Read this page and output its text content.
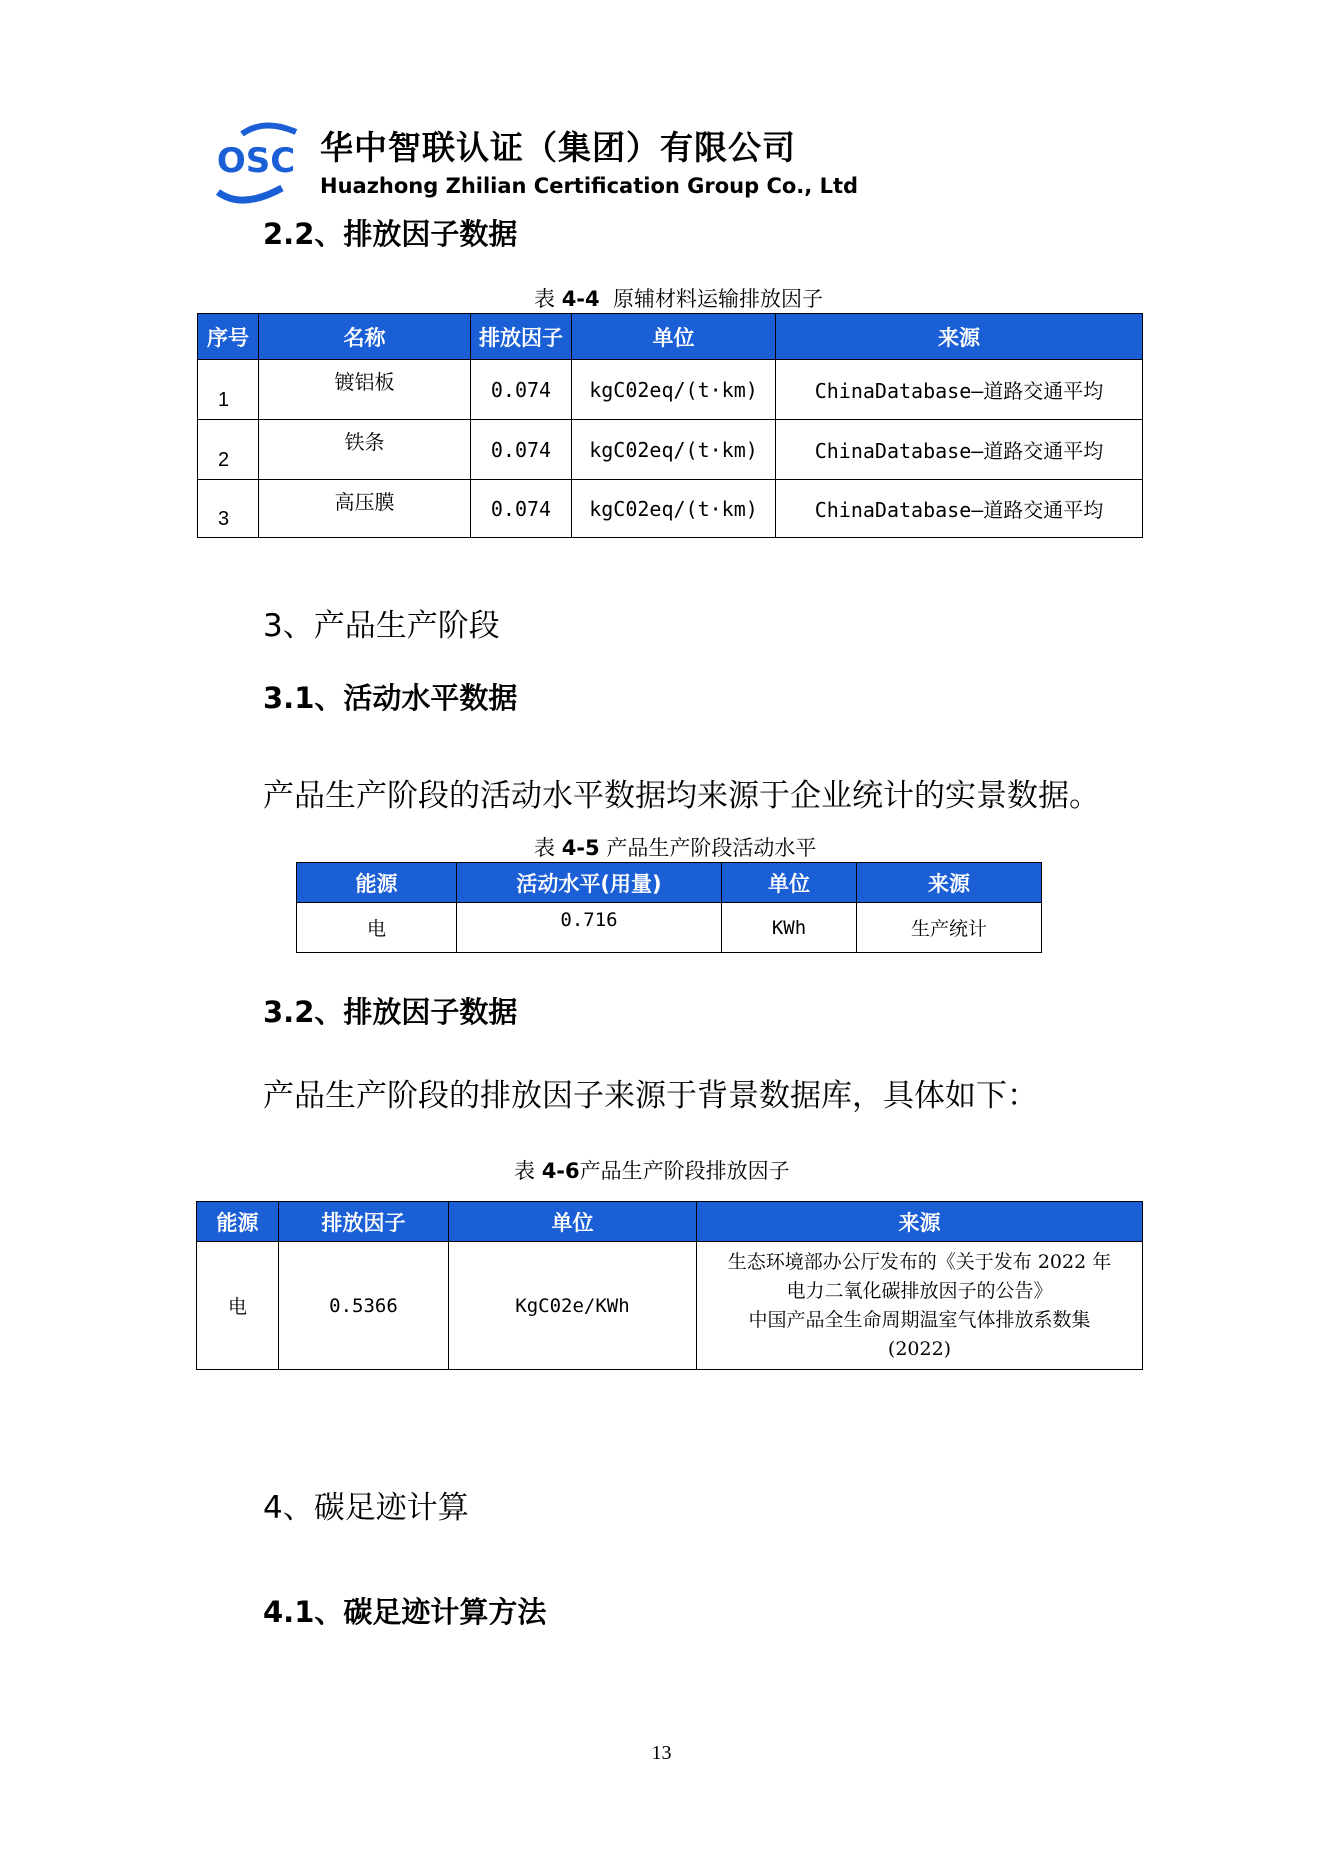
OSC 华中智联认证（集团）有限公司
Huazhong Zhilian Certification Group Co., Ltd
2.2、排放因子数据
表 4-4 原辅材料运输排放因子
序号	名称	排放因子	单位	来源
1	镀铝板	0.074	kgC02eq/(t·km)	ChinaDatabase—道路交通平均
2	铁条	0.074	kgC02eq/(t·km)	ChinaDatabase—道路交通平均
3	高压膜	0.074	kgC02eq/(t·km)	ChinaDatabase—道路交通平均
3、产品生产阶段
3.1、活动水平数据
产品生产阶段的活动水平数据均来源于企业统计的实景数据。
表 4-5 产品生产阶段活动水平
能源	活动水平(用量)	单位	来源
电	0.716	KWh	生产统计
3.2、排放因子数据
产品生产阶段的排放因子来源于背景数据库，具体如下：
表 4-6产品生产阶段排放因子
能源	排放因子	单位	来源
电	0.5366	KgC02e/KWh	生态环境部办公厅发布的《关于发布 2022 年
电力二氧化碳排放因子的公告》
中国产品全生命周期温室气体排放系数集
(2022)
4、碳足迹计算
4.1、碳足迹计算方法
13
